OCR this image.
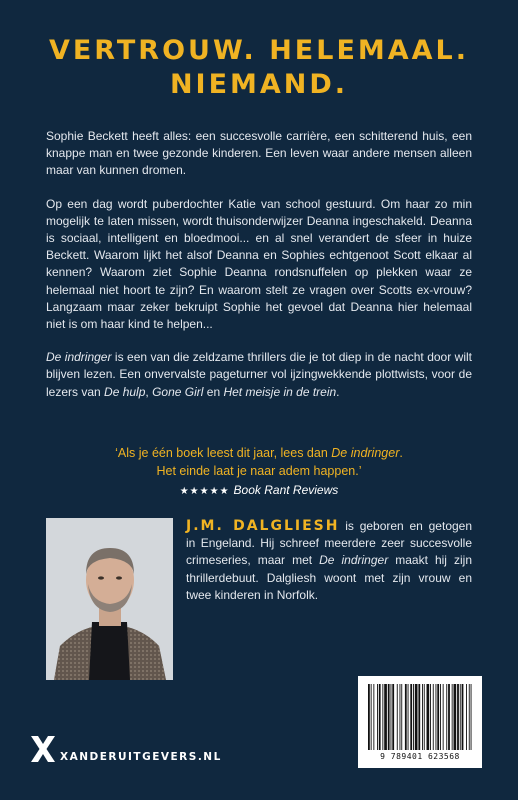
VERTROUW. HELEMAAL.
NIEMAND.

Sophie Beckett heeft alles: een succesvolle carrière, een schitterend huis, een knappe man en twee gezonde kinderen. Een leven waar andere mensen alleen maar van kunnen dromen.

Op een dag wordt puberdochter Katie van school gestuurd. Om haar zo min mogelijk te laten missen, wordt thuisonderwijzer Deanna ingeschakeld. Deanna is sociaal, intelligent en bloedmooi... en al snel verandert de sfeer in huize Beckett. Waarom lijkt het alsof Deanna en Sophies echtgenoot Scott elkaar al kennen? Waarom ziet Sophie Deanna rondsnuffelen op plekken waar ze helemaal niet hoort te zijn? En waarom stelt ze vragen over Scotts ex-vrouw? Langzaam maar zeker bekruipt Sophie het gevoel dat Deanna hier helemaal niet is om haar kind te helpen...

De indringer is een van die zeldzame thrillers die je tot diep in de nacht door wilt blijven lezen. Een onvervalste pageturner vol ijzingwekkende plottwists, voor de lezers van De hulp, Gone Girl en Het meisje in de trein.

‘Als je één boek leest dit jaar, lees dan De indringer.
Het einde laat je naar adem happen.’
★★★★★ Book Rant Reviews
J.M. DALGLIESH is geboren en getogen in Engeland. Hij schreef meerdere zeer succesvolle crimeseries, maar met De indringer maakt hij zijn thrillerdebuut. Dalgliesh woont met zijn vrouw en twee kinderen in Norfolk.
9 789401 623568
XANDERUITGEVERS.NL
